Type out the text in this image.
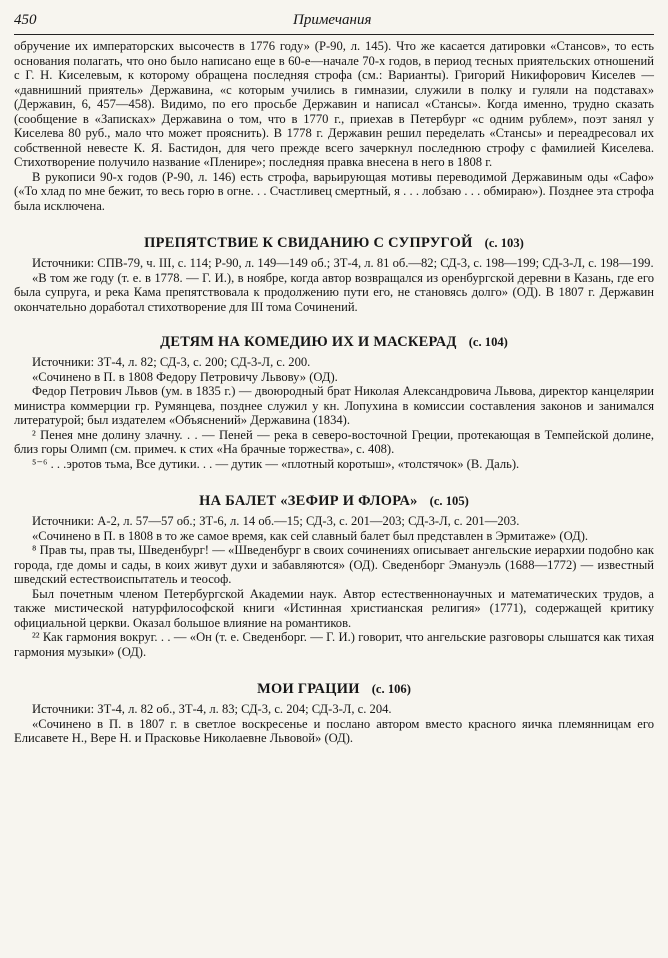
450	Примечания

обручение их императорских высочеств в 1776 году» (Р-90, л. 145). Что же касается датировки «Стансов», то есть основания полагать, что оно было написано еще в 60-е—начале 70-х годов, в период тесных приятельских отношений с Г. Н. Киселевым, к которому обращена последняя строфа (см.: Варианты). Григорий Никифорович Киселев — «давнишний приятель» Державина, «с которым учились в гимназии, служили в полку и гуляли на подставах» (Державин, 6, 457—458). Видимо, по его просьбе Державин и написал «Стансы». Когда именно, трудно сказать (сообщение в «Записках» Державина о том, что в 1770 г., приехав в Петербург «с одним рублем», поэт занял у Киселева 80 руб., мало что может прояснить). В 1778 г. Державин решил переделать «Стансы» и переадресовал их собственной невесте К. Я. Бастидон, для чего прежде всего зачеркнул последнюю строфу с фамилией Киселева. Стихотворение получило название «Пленире»; последняя правка внесена в него в 1808 г.

В рукописи 90-х годов (Р-90, л. 146) есть строфа, варьирующая мотивы переводимой Державиным оды «Сафо» («То хлад по мне бежит, то весь горю в огне. . . Счастливец смертный, я . . . лобзаю . . . обмираю»). Позднее эта строфа была исключена.

ПРЕПЯТСТВИЕ К СВИДАНИЮ С СУПРУГОЙ (с. 103)

Источники: СПВ-79, ч. III, с. 114; Р-90, л. 149—149 об.; ЗТ-4, л. 81 об.—82; СД-3, с. 198—199; СД-3-Л, с. 198—199.

«В том же году (т. е. в 1778. — Г. И.), в ноябре, когда автор возвращался из оренбургской деревни в Казань, где его была супруга, и река Камa препятствовала к продолжению пути его, не становясь долго» (ОД). В 1807 г. Державин окончательно доработал стихотворение для III тома Сочинений.

ДЕТЯМ НА КОМЕДИЮ ИХ И МАСКЕРАД (с. 104)

Источники: ЗТ-4, л. 82; СД-3, с. 200; СД-3-Л, с. 200.

«Сочинено в П. в 1808 Федору Петровичу Львову» (ОД).

Федор Петрович Львов (ум. в 1835 г.) — двоюродный брат Николая Александровича Львова, директор канцелярии министра коммерции гр. Румянцева, позднее служил у кн. Лопухина в комиссии составления законов и занимался литературой; был издателем «Объяснений» Державина (1834).

² Пенея мне долину злачну. . . — Пеней — река в северо-восточной Греции, протекающая в Темпейской долине, близ горы Олимп (см. примеч. к стих «На брачные торжества», с. 408).

⁵⁻⁶ . . .эротов тьма, Все дутики. . . — дутик — «плотный коротыш», «толстячок» (В. Даль).

НА БАЛЕТ «ЗЕФИР И ФЛОРА» (с. 105)

Источники: А-2, л. 57—57 об.; ЗТ-6, л. 14 об.—15; СД-3, с. 201—203; СД-3-Л, с. 201—203.

«Сочинено в П. в 1808 в то же самое время, как сей славный балет был представлен в Эрмитаже» (ОД).

⁸ Прав ты, прав ты, Шведенбург! — «Шведенбург в своих сочинениях описывает ангельские иерархии подобно как города, где домы и сады, в коих живут духи и забавляются» (ОД). Сведенборг Эмануэль (1688—1772) — известный шведский естествоиспытатель и теософ.

Был почетным членом Петербургской Академии наук. Автор естественнонаучных и математических трудов, а также мистической натурфилософской книги «Истинная христианская религия» (1771), содержащей критику официальной церкви. Оказал большое влияние на романтиков.

²² Как гармония вокруг. . . — «Он (т. е. Сведенборг. — Г. И.) говорит, что ангельские разговоры слышатся как тихая гармония музыки» (ОД).

МОИ ГРАЦИИ (с. 106)

Источники: ЗТ-4, л. 82 об., ЗТ-4, л. 83; СД-3, с. 204; СД-3-Л, с. 204.

«Сочинено в П. в 1807 г. в светлое воскресенье и послано автором вместо красного яичка племянницам его Елисавете Н., Вере Н. и Прасковье Николаевне Львовой» (ОД).
